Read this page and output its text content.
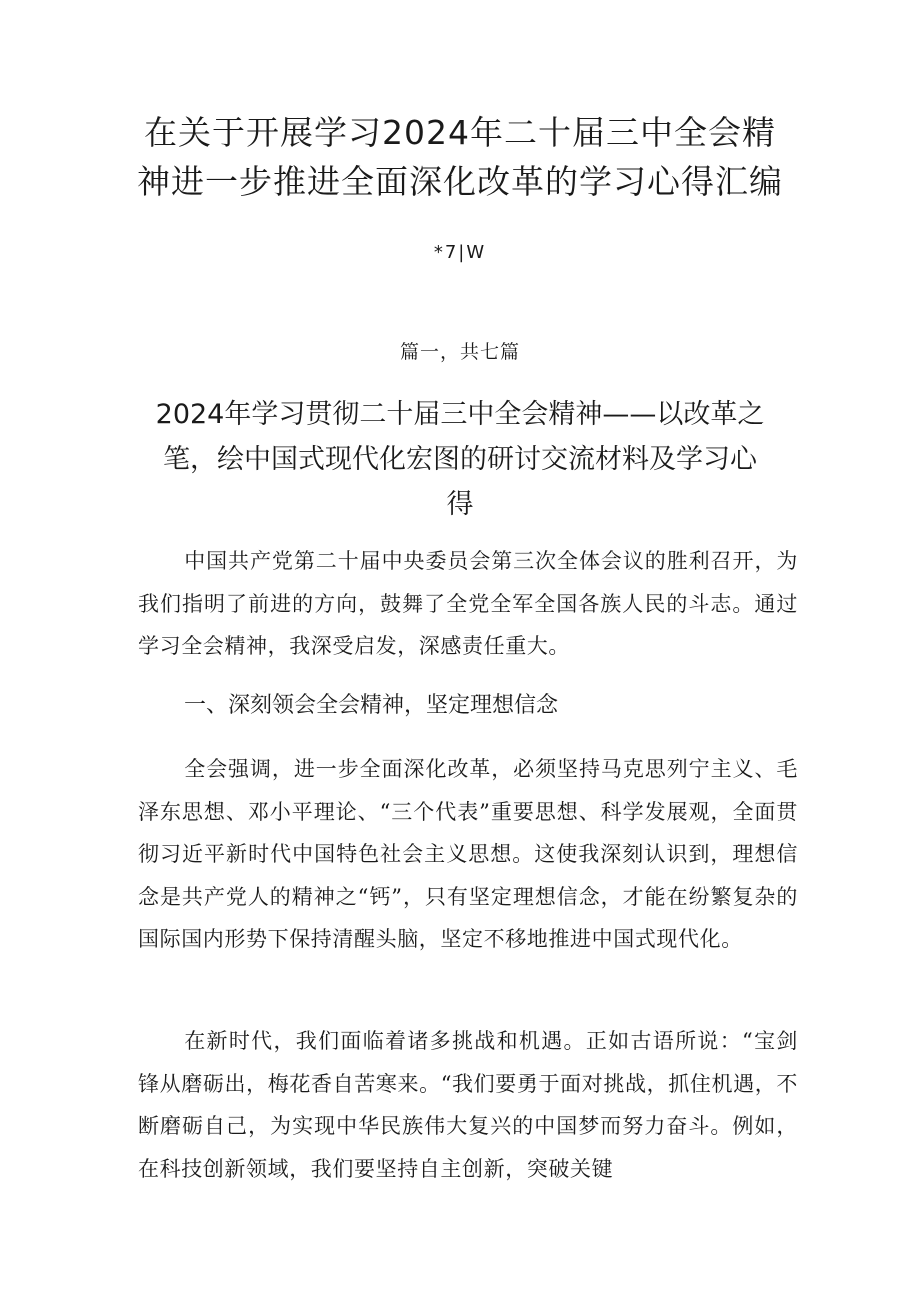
在关于开展学习2024年二十届三中全会精神进一步推进全面深化改革的学习心得汇编
*7|W
篇一，共七篇
2024年学习贯彻二十届三中全会精神——以改革之笔，绘中国式现代化宏图的研讨交流材料及学习心得

中国共产党第二十届中央委员会第三次全体会议的胜利召开，为我们指明了前进的方向，鼓舞了全党全军全国各族人民的斗志。通过学习全会精神，我深受启发，深感责任重大。

一、深刻领会全会精神，坚定理想信念

全会强调，进一步全面深化改革，必须坚持马克思列宁主义、毛泽东思想、邓小平理论、“三个代表”重要思想、科学发展观，全面贯彻习近平新时代中国特色社会主义思想。这使我深刻认识到，理想信念是共产党人的精神之“钙”，只有坚定理想信念，才能在纷繁复杂的国际国内形势下保持清醒头脑，坚定不移地推进中国式现代化。

在新时代，我们面临着诸多挑战和机遇。正如古语所说：“宝剑锋从磨砺出，梅花香自苦寒来。“我们要勇于面对挑战，抓住机遇，不断磨砺自己，为实现中华民族伟大复兴的中国梦而努力奋斗。例如，在科技创新领域，我们要坚持自主创新，突破关键
